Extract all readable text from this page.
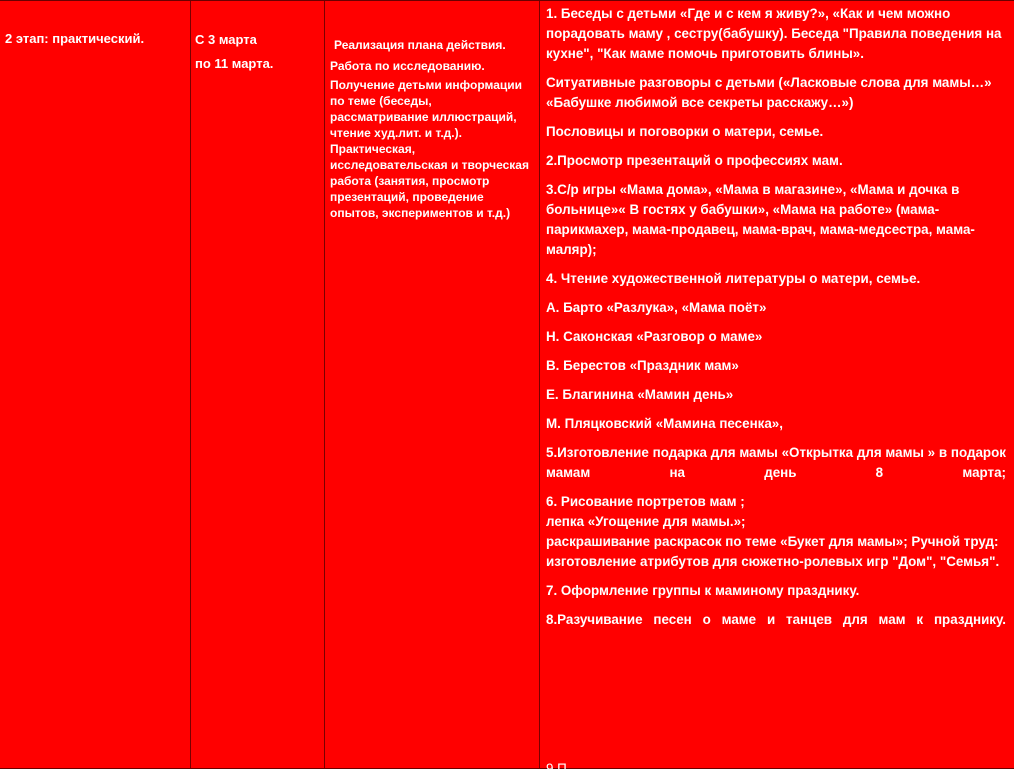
2 этап: практический.	С 3 марта
по 11 марта.
Реализация плана действия.
Работа по исследованию.
Получение детьми информации по теме (беседы, рассматривание иллюстраций, чтение худ.лит. и т.д.). Практическая, исследовательская и творческая работа (занятия, просмотр презентаций, проведение опытов, экспериментов и т.д.)
1. Беседы с детьми «Где и с кем я живу?», «Как и чем можно порадовать маму , сестру(бабушку). Беседа "Правила поведения на кухне", "Как маме помочь приготовить блины».
Ситуативные разговоры с детьми («Ласковые слова для мамы…» «Бабушке любимой все секреты расскажу…»)
Пословицы и поговорки о матери, семье.
2.Просмотр презентаций о профессиях мам.
3.С/р игры «Мама дома», «Мама в магазине», «Мама и дочка в больнице»« В гостях у бабушки», «Мама на работе» (мама-парикмахер, мама-продавец, мама-врач, мама-медсестра, мама-маляр);
4. Чтение художественной литературы о матери, семье.
А. Барто «Разлука», «Мама поёт»
Н. Саконская «Разговор о маме»
В. Берестов «Праздник мам»
Е. Благинина «Мамин день»
М. Пляцковский «Мамина песенка»,
5.Изготовление подарка для мамы «Открытка для мамы » в подарок мамам на день 8 марта;
6. Рисование портретов мам ;
лепка «Угощение для мамы.»;
раскрашивание раскрасок по теме «Букет для мамы»; Ручной труд: изготовление атрибутов для сюжетно-ролевых игр "Дом", "Семья".
7. Оформление группы к маминому празднику.
8.Разучивание песен о маме и танцев для мам к празднику.
9.П...
